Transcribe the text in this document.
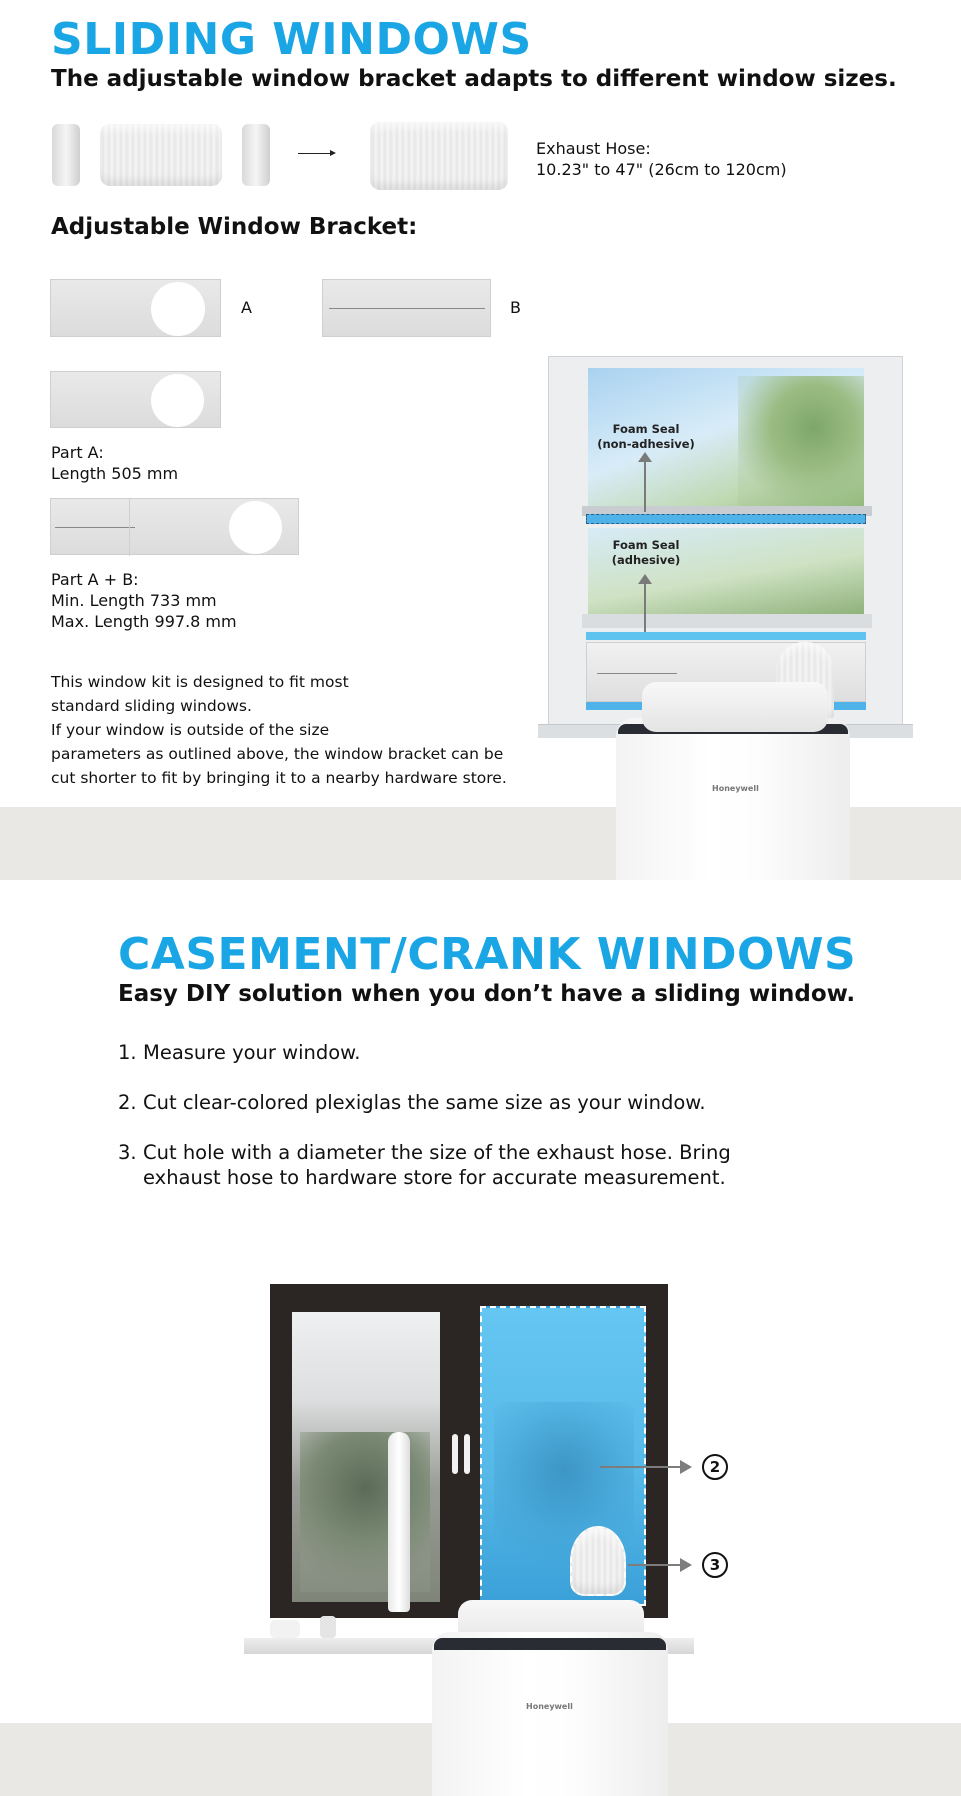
SLIDING WINDOWS
The adjustable window bracket adapts to different window sizes.
Exhaust Hose:
10.23" to 47" (26cm to 120cm)
Adjustable Window Bracket:
A	B
Part A:
Length 505 mm
Part A + B:
Min. Length 733 mm
Max. Length 997.8 mm
This window kit is designed to fit most
standard sliding windows.
If your window is outside of the size
parameters as outlined above, the window bracket can be
cut shorter to fit by bringing it to a nearby hardware store.
Foam Seal
(non-adhesive)
Foam Seal
(adhesive)
Honeywell
CASEMENT/CRANK WINDOWS
Easy DIY solution when you don’t have a sliding window.
1. Measure your window.
2. Cut clear-colored plexiglas the same size as your window.
3. Cut hole with a diameter the size of the exhaust hose. Bring
exhaust hose to hardware store for accurate measurement.
2
3
Honeywell
